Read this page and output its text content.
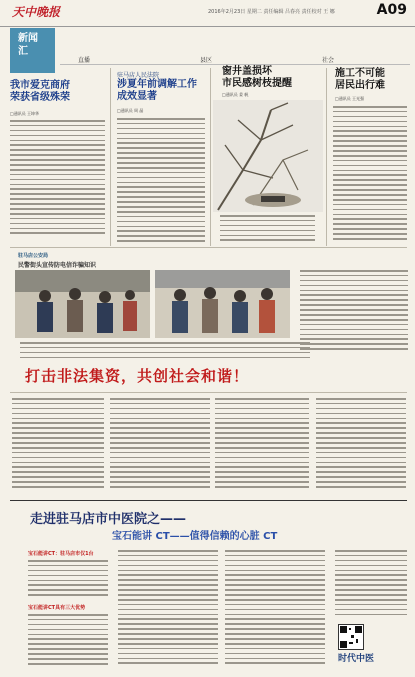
天中晚报	2016年2月23日 星期二 责任编辑 吕春亮 责任校对 王 娜	A09
新闻
汇
直播	县区	社会
我市爱克商府
荣获省级殊荣
□通讯员 王坤华
驻马店人民法院
涉夏年前调解工作
成效显著
□通讯员 周 晶
窗井盖损坏
市民感树枝提醒
□通讯员 姜 帆
施工不可能
居民出行难
□通讯员 王光强
驻马店公安局
民警街头宣传防电信诈骗知识
打击非法集资，共创社会和谐！
走进驻马店市中医院之——
宝石能讲 CT——值得信赖的心脏 CT
宝石能讲CT：驻马店市仅1台
宝石能讲CT具有三大优势
时代中医
